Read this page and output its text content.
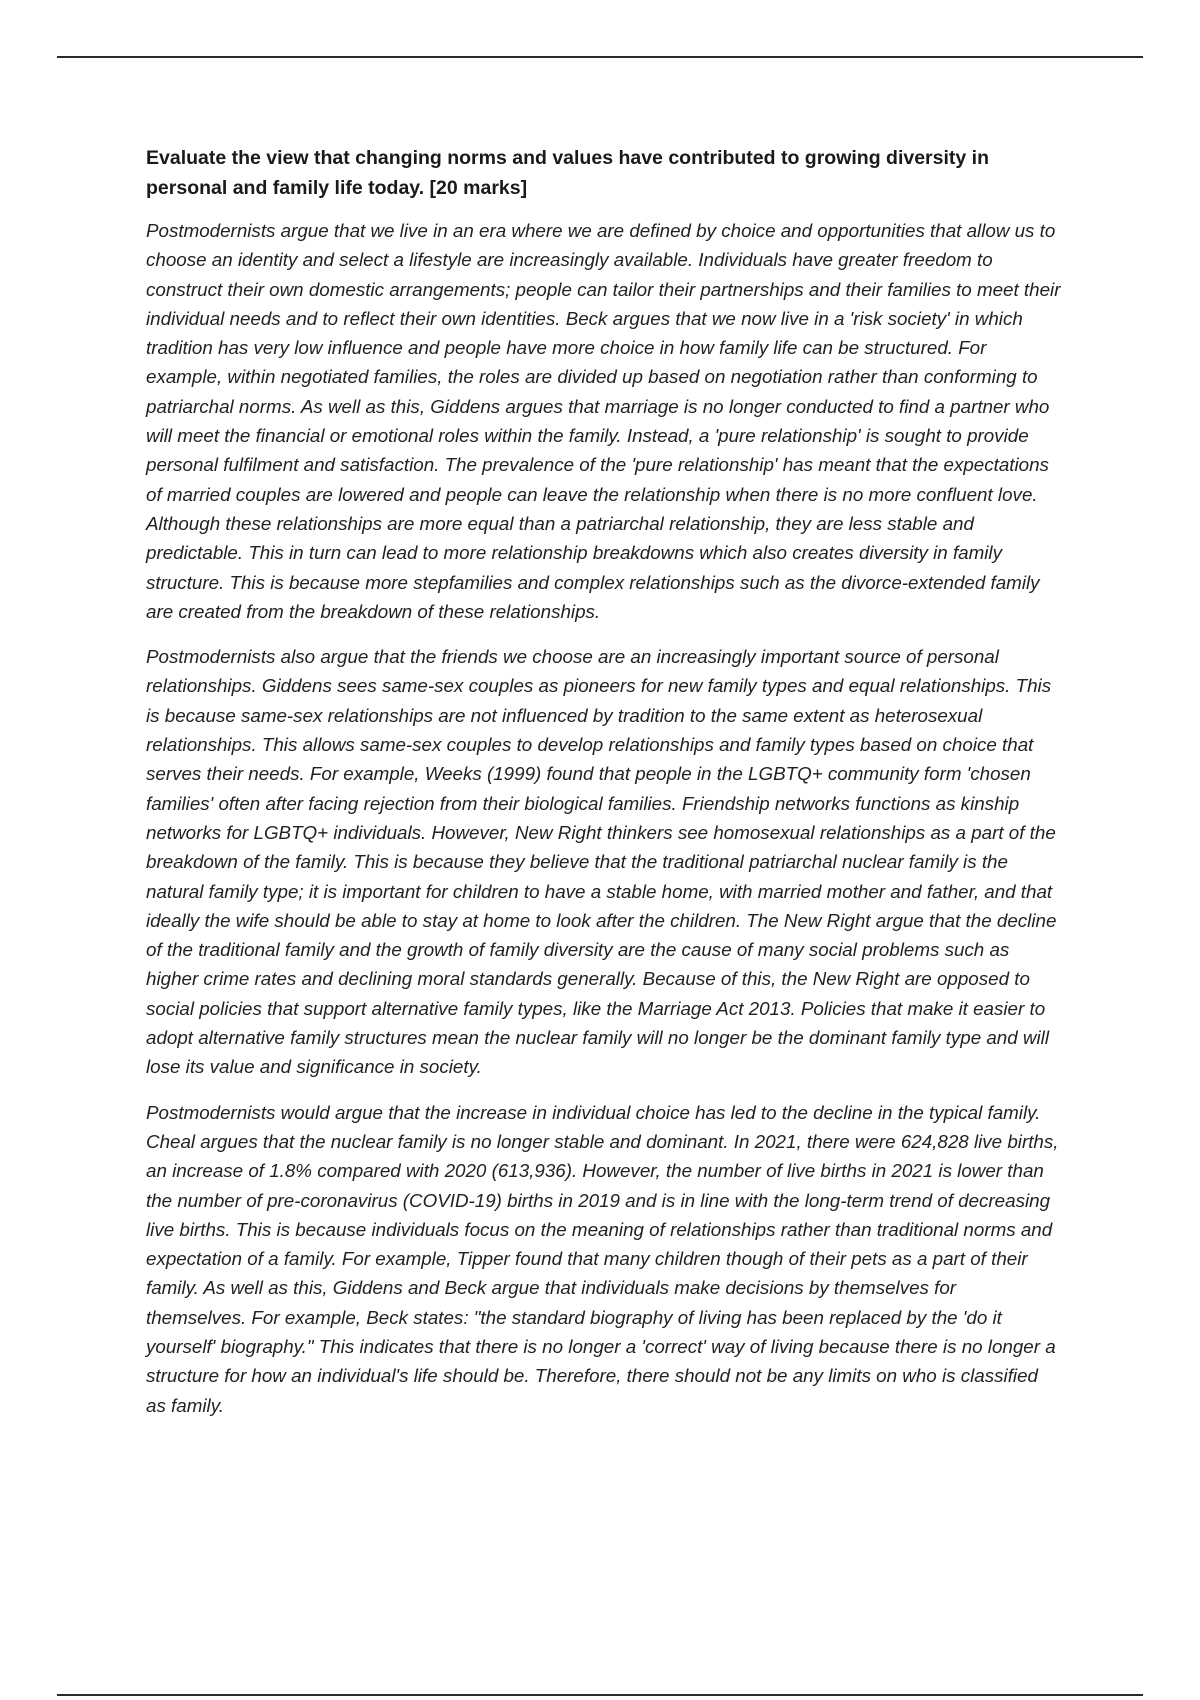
Evaluate the view that changing norms and values have contributed to growing diversity in personal and family life today. [20 marks]

Postmodernists argue that we live in an era where we are defined by choice and opportunities that allow us to choose an identity and select a lifestyle are increasingly available. Individuals have greater freedom to construct their own domestic arrangements; people can tailor their partnerships and their families to meet their individual needs and to reflect their own identities. Beck argues that we now live in a 'risk society' in which tradition has very low influence and people have more choice in how family life can be structured. For example, within negotiated families, the roles are divided up based on negotiation rather than conforming to patriarchal norms. As well as this, Giddens argues that marriage is no longer conducted to find a partner who will meet the financial or emotional roles within the family. Instead, a 'pure relationship' is sought to provide personal fulfilment and satisfaction. The prevalence of the 'pure relationship' has meant that the expectations of married couples are lowered and people can leave the relationship when there is no more confluent love. Although these relationships are more equal than a patriarchal relationship, they are less stable and predictable. This in turn can lead to more relationship breakdowns which also creates diversity in family structure. This is because more stepfamilies and complex relationships such as the divorce-extended family are created from the breakdown of these relationships.

Postmodernists also argue that the friends we choose are an increasingly important source of personal relationships. Giddens sees same-sex couples as pioneers for new family types and equal relationships. This is because same-sex relationships are not influenced by tradition to the same extent as heterosexual relationships. This allows same-sex couples to develop relationships and family types based on choice that serves their needs. For example, Weeks (1999) found that people in the LGBTQ+ community form 'chosen families' often after facing rejection from their biological families. Friendship networks functions as kinship networks for LGBTQ+ individuals. However, New Right thinkers see homosexual relationships as a part of the breakdown of the family. This is because they believe that the traditional patriarchal nuclear family is the natural family type; it is important for children to have a stable home, with married mother and father, and that ideally the wife should be able to stay at home to look after the children. The New Right argue that the decline of the traditional family and the growth of family diversity are the cause of many social problems such as higher crime rates and declining moral standards generally. Because of this, the New Right are opposed to social policies that support alternative family types, like the Marriage Act 2013. Policies that make it easier to adopt alternative family structures mean the nuclear family will no longer be the dominant family type and will lose its value and significance in society.

Postmodernists would argue that the increase in individual choice has led to the decline in the typical family. Cheal argues that the nuclear family is no longer stable and dominant. In 2021, there were 624,828 live births, an increase of 1.8% compared with 2020 (613,936). However, the number of live births in 2021 is lower than the number of pre-coronavirus (COVID-19) births in 2019 and is in line with the long-term trend of decreasing live births. This is because individuals focus on the meaning of relationships rather than traditional norms and expectation of a family. For example, Tipper found that many children though of their pets as a part of their family. As well as this, Giddens and Beck argue that individuals make decisions by themselves for themselves. For example, Beck states: "the standard biography of living has been replaced by the 'do it yourself' biography." This indicates that there is no longer a 'correct' way of living because there is no longer a structure for how an individual's life should be. Therefore, there should not be any limits on who is classified as family.
